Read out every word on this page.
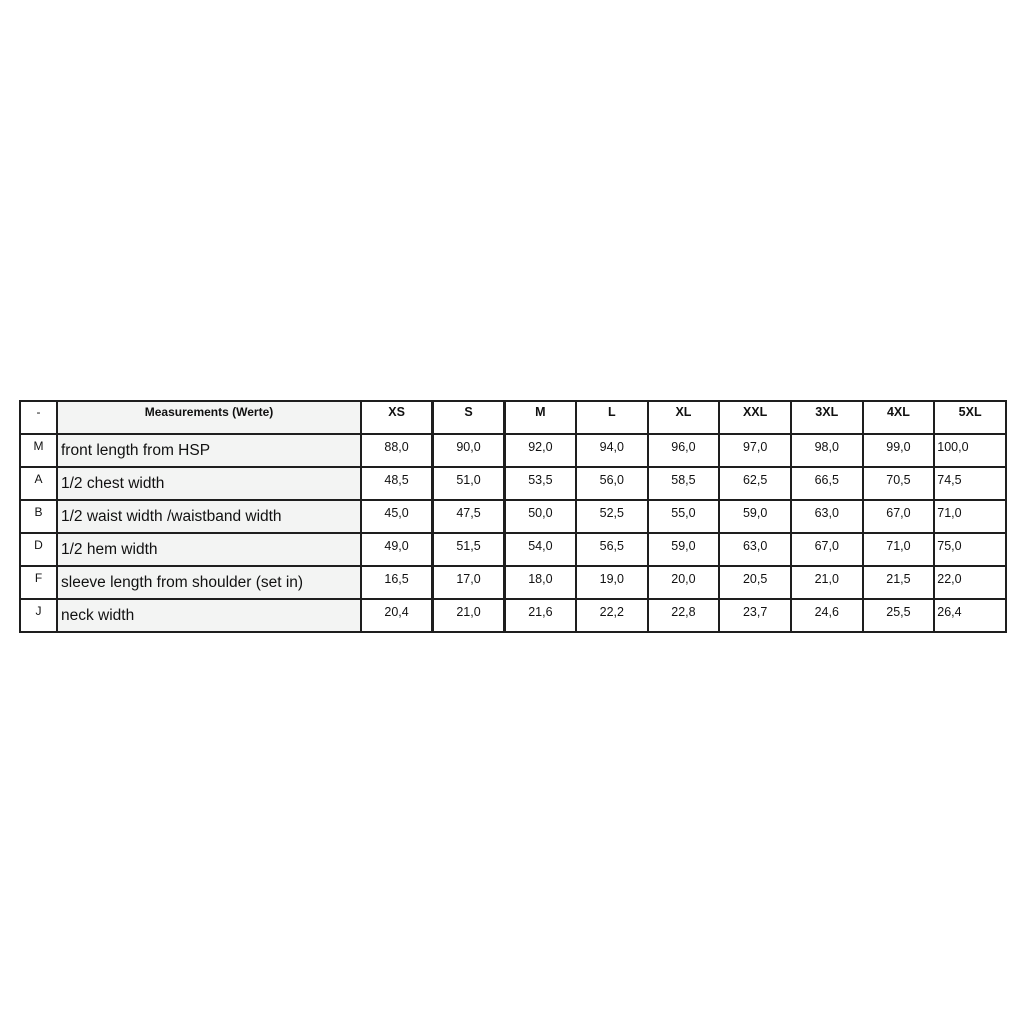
-	Measurements (Werte)	XS	S	M	L	XL	XXL	3XL	4XL	5XL
M	front length from HSP	88,0	90,0	92,0	94,0	96,0	97,0	98,0	99,0	100,0
A	1/2 chest width	48,5	51,0	53,5	56,0	58,5	62,5	66,5	70,5	74,5
B	1/2 waist width /waistband width	45,0	47,5	50,0	52,5	55,0	59,0	63,0	67,0	71,0
D	1/2 hem width	49,0	51,5	54,0	56,5	59,0	63,0	67,0	71,0	75,0
F	sleeve length from shoulder (set in)	16,5	17,0	18,0	19,0	20,0	20,5	21,0	21,5	22,0
J	neck width	20,4	21,0	21,6	22,2	22,8	23,7	24,6	25,5	26,4
